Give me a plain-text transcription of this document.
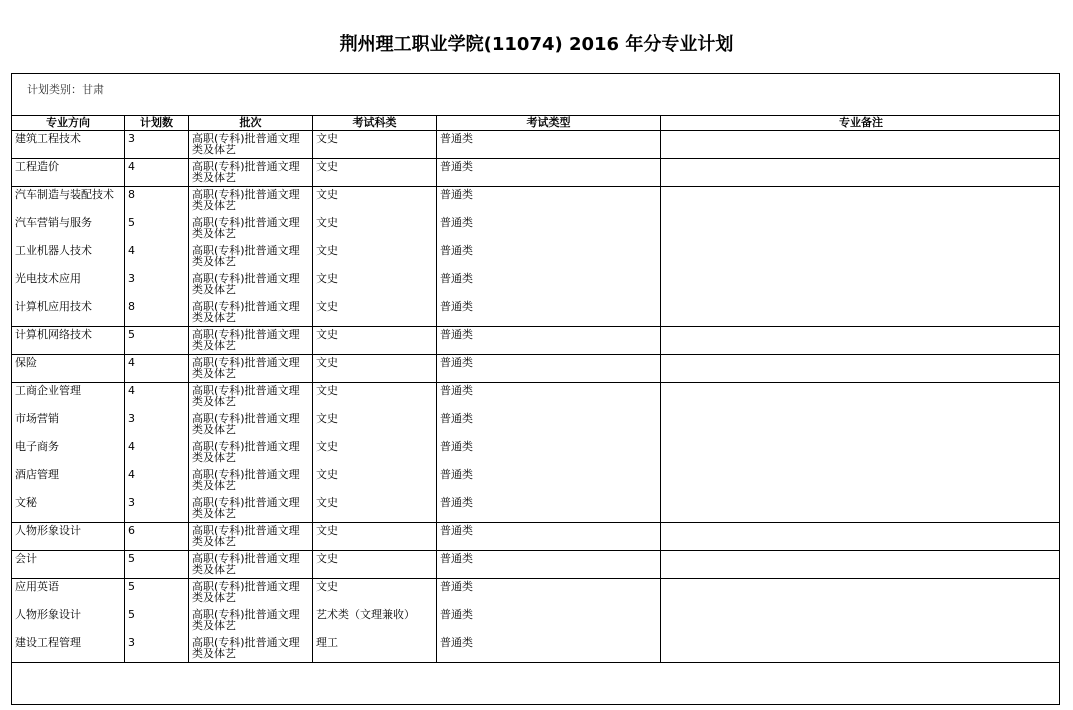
荆州理工职业学院(11074) 2016 年分专业计划
计划类别：甘肃
专业方向	计划数	批次	考试科类	考试类型	专业备注
建筑工程技术	3	高职(专科)批普通文理类及体艺	文史	普通类	
工程造价	4	高职(专科)批普通文理类及体艺	文史	普通类	
汽车制造与装配技术	8	高职(专科)批普通文理类及体艺	文史	普通类	
汽车营销与服务	5	高职(专科)批普通文理类及体艺	文史	普通类	
工业机器人技术	4	高职(专科)批普通文理类及体艺	文史	普通类	
光电技术应用	3	高职(专科)批普通文理类及体艺	文史	普通类	
计算机应用技术	8	高职(专科)批普通文理类及体艺	文史	普通类	
计算机网络技术	5	高职(专科)批普通文理类及体艺	文史	普通类	
保险	4	高职(专科)批普通文理类及体艺	文史	普通类	
工商企业管理	4	高职(专科)批普通文理类及体艺	文史	普通类	
市场营销	3	高职(专科)批普通文理类及体艺	文史	普通类	
电子商务	4	高职(专科)批普通文理类及体艺	文史	普通类	
酒店管理	4	高职(专科)批普通文理类及体艺	文史	普通类	
文秘	3	高职(专科)批普通文理类及体艺	文史	普通类	
人物形象设计	6	高职(专科)批普通文理类及体艺	文史	普通类	
会计	5	高职(专科)批普通文理类及体艺	文史	普通类	
应用英语	5	高职(专科)批普通文理类及体艺	文史	普通类	
人物形象设计	5	高职(专科)批普通文理类及体艺	艺术类（文理兼收）	普通类	
建设工程管理	3	高职(专科)批普通文理类及体艺	理工	普通类	
